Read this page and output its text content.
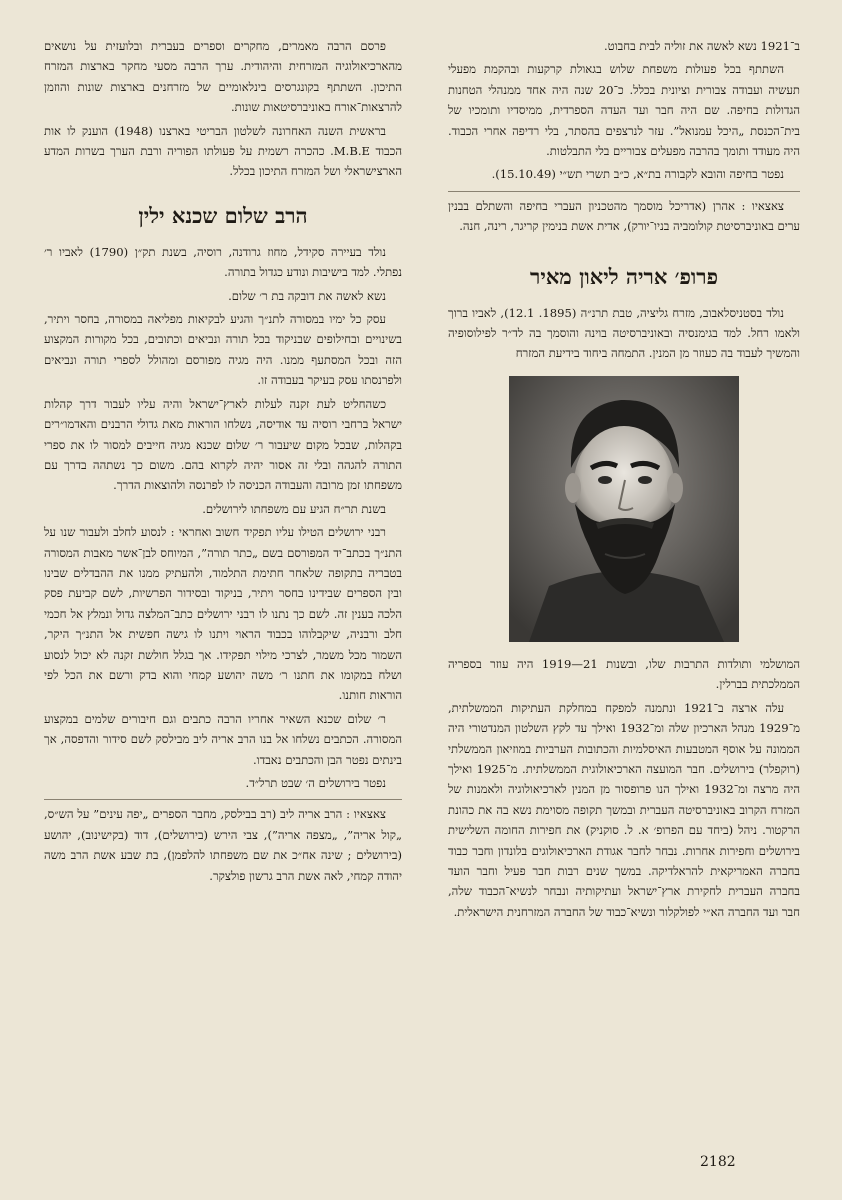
ב־1921 נשא לאשה את זוליה לבית בחבוט.

השתתף בכל פעולות משפחת שלוש בגאולת קרקעות ובהקמת מפעלי תעשיה ועבודה צבורית וציונית בכלל. כ־20 שנה היה אחד ממנהלי הטחנות הגדולות בחיפה. שם היה חבר ועד העדה הספרדית, ממיסדיו ותומכיו של בית־הכנסת „היכל עמנואל”. עזר לנרצפים בהסתר, בלי רדיפה אחרי הכבוד. היה מעודד ותומך בהרבה מפעלים צבוריים בלי התבלטות.

נפטר בחיפה והובא לקבורה בת״א, כ״ב תשרי תש״י (15.10.49).

צאצאיו : אהרן (אדריכל מוסמך מהטכניון העברי בחיפה והשתלם בבנין ערים באוניברסיטת קולומביה בניו־יורק), אדית אשת בנימין קריגר, רינה, חנה.

פרופ׳ אריה ליאון מאיר

נולד בסטניסלאבוב, מזרח גליציה, טבת תרנ״ה (1895. 12.1), לאביו ברוך ולאמו רחל. למד בגימנסיה ובאוניברסיטה בוינה והוסמך בה לד״ר לפילוסופיה והמשיך לעבוד בה כעוזר מן המנין. התמחה ביחוד בידיעת המזרח

המושלמי ותולדות התרבות שלו, ובשנות 21—1919 היה עוזר בספריה הממלכתית בברלין.

עלה ארצה ב־1921 ונתמנה למפקח במחלקת העתיקות הממשלתית, מ־1929 מנהל הארכיון שלה ומ־1932 ואילך עד לקץ השלטון המנדטורי היה הממונה על אוסף המטבעות האיסלמיות והכתובות הערביות במוזיאון הממשלתי (רוקפלר) בירושלים. חבר המועצה הארכיאולוגית הממשלתית. מ־1925 ואילך היה מרצה ומ־1932 ואילך הנו פרופסור מן המנין לארכיאולוגיה ולאמנות של המזרח הקרוב באוניברסיטה העברית ובמשך תקופה מסוימת נשא בה את כהונת הרקטור. ניהל (ביחד עם הפרופ׳ א. ל. סוקניק) את חפירות החומה השלישית בירושלים וחפירות אחרות. נבחר לחבר אגודת הארכיאולוגים בלונדון וחבר כבוד בחברה האמריקאית להראלדיקה. במשך שנים רבות חבר פעיל וחבר הועד בחברה העברית לחקירת ארץ־ישראל ועתיקותיה ונבחר לנשיא־הכבוד שלה, חבר ועד החברה הא״י לפולקלור ונשיא־כבוד של החברה המזרחנית הישראלית.

פרסם הרבה מאמרים, מחקרים וספרים בעברית ובלועזית על נושאים מהארכיאולוגיה המזרחית והיהודית. ערך הרבה מסעי מחקר בארצות המזרח התיכון. השתתף בקונגרסים בינלאומיים של מזרחנים בארצות שונות והוזמן להרצאות־אורח באוניברסיטאות שונות.

בראשית השנה האחרונה לשלטון הבריטי בארצנו (1948) הוענק לו אות הכבוד M.B.E. כהכרה רשמית על פעולתו הפוריה ורבת הערך בשרות המדע הארצישראלי ושל המזרח התיכון בכלל.

הרב שלום שכנא ילין

נולד בעיירה סקידל, מחוז גרודנה, רוסיה, בשנת תק״ן (1790) לאביו ר׳ נפתלי. למד בישיבות ונודע כגדול בתורה.

נשא לאשה את דובקה בת ר׳ שלום.

עסק כל ימיו במסורה לתנ״ך והגיע לבקיאות מפליאה במסורה, בחסר ויתיר, בשינויים ובחילופים שבניקוד בכל תורה ונביאים וכתובים, בכל מקורות המקצוע הזה ובכל המסתעף ממנו. היה מגיה מפורסם ומהולל לספרי תורה ונביאים ולפרנסתו עסק בעיקר בעבודה זו.

כשהחליט לעת זקנה לעלות לארץ־ישראל והיה עליו לעבור דרך קהלות ישראל ברחבי רוסיה עד אודיסה, נשלחו הוראות מאת גדולי הרבנים והאדמו״רים בקהלות, שבכל מקום שיעבור ר׳ שלום שכנא מגיה חייבים למסור לו את ספרי התורה להגהה ובלי זה אסור יהיה לקרוא בהם. משום כך נשתהה בדרך עם משפחתו זמן מרובה והעבודה הכניסה לו לפרנסה ולהוצאות הדרך.

בשנת תר״ח הגיע עם משפחתו לירושלים.

רבני ירושלים הטילו עליו תפקיד חשוב ואחראי : לנסוע לחלב ולעבור שנו על התנ״ך בכתב־יד המפורסם בשם „כתר תורה”, המיוחס לבן־אשר מאבות המסורה בטבריה בתקופה שלאחר חתימת התלמוד, ולהעתיק ממנו את ההבדלים שבינו ובין הספרים שבידינו בחסר ויתיר, בניקוד ובסידור הפרשיות, לשם קביעת פסק הלכה בענין זה. לשם כך נתנו לו רבני ירושלים כתב־המלצה גדול ונמלץ אל חכמי חלב ורבניה, שיקבלוהו בכבוד הראוי ויתנו לו גישה חפשית אל התנ״ך היקר, השמור מכל משמר, לצרכי מילוי תפקידו. אך בגלל חולשת זקנה לא יכול לנסוע ושלח במקומו את חתנו ר׳ משה יהושע קמחי והוא בדק ורשם את הכל לפי הוראות חותנו.

ר׳ שלום שכנא השאיר אחריו הרבה כתבים וגם חיבורים שלמים במקצוע המסורה. הכתבים נשלחו אל בנו הרב אריה ליב מבילסק לשם סידור והדפסה, אך בינתים נפטר הבן והכתבים נאבדו.

נפטר בירושלים ה׳ שבט תרל״ד.

צאצאיו : הרב אריה ליב (רב בבילסק, מחבר הספרים „יפה עינים” על הש״ס, „קול אריה”, „מצפה אריה”), צבי הירש (בירושלים), דוד (בקישינוב), יהושע (בירושלים ; שינה אח״כ את שם משפחתו להלפמן), בת שבע אשת הרב משה יהודה קמחי, לאה אשת הרב גרשון פולצקר.

2182
